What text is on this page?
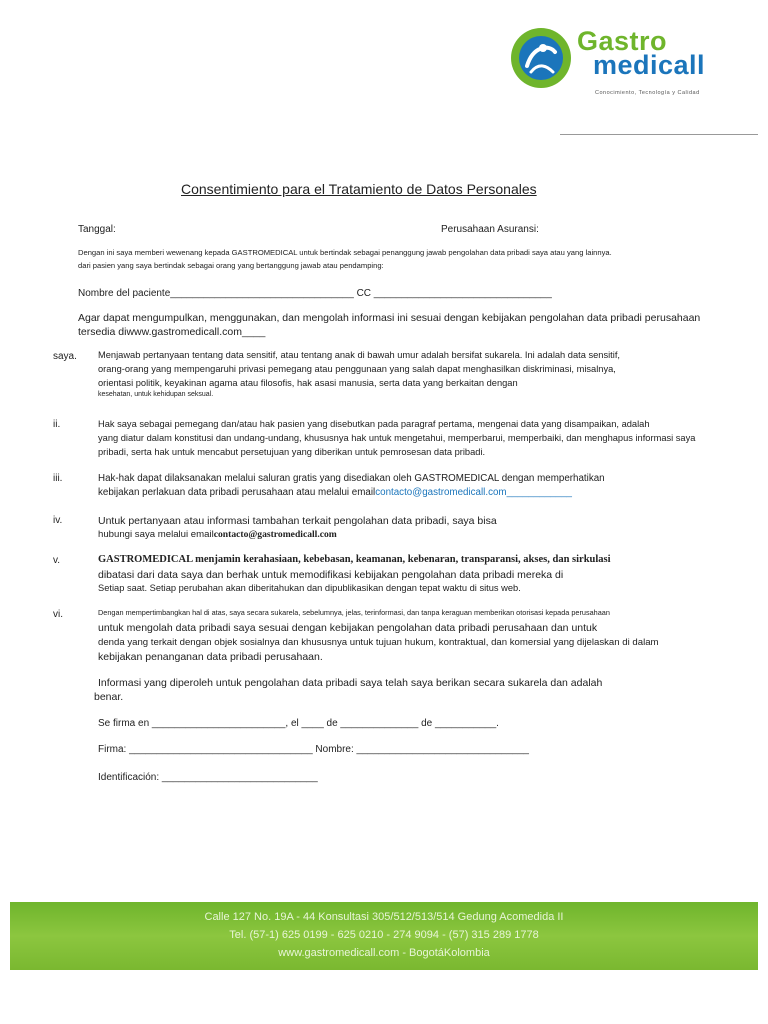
Gastro
medicall
Conocimiento, Tecnología y Calidad
Consentimiento para el Tratamiento de Datos Personales
Tanggal:	Perusahaan Asuransi:
Dengan ini saya memberi wewenang kepada GASTROMEDICAL untuk bertindak sebagai penanggung jawab pengolahan data pribadi saya atau yang lainnya.
dari pasien yang saya bertindak sebagai orang yang bertanggung jawab atau pendamping:
Nombre del paciente_________________________________ CC ________________________________
Agar dapat mengumpulkan, menggunakan, dan mengolah informasi ini sesuai dengan kebijakan pengolahan data pribadi perusahaan
tersedia diwww.gastromedicall.com____
saya. Menjawab pertanyaan tentang data sensitif, atau tentang anak di bawah umur adalah bersifat sukarela. Ini adalah data sensitif,
orang-orang yang mempengaruhi privasi pemegang atau penggunaan yang salah dapat menghasilkan diskriminasi, misalnya,
orientasi politik, keyakinan agama atau filosofis, hak asasi manusia, serta data yang berkaitan dengan
kesehatan, untuk kehidupan seksual.
ii.	Hak saya sebagai pemegang dan/atau hak pasien yang disebutkan pada paragraf pertama, mengenai data yang disampaikan, adalah
yang diatur dalam konstitusi dan undang-undang, khususnya hak untuk mengetahui, memperbarui, memperbaiki, dan menghapus informasi saya
pribadi, serta hak untuk mencabut persetujuan yang diberikan untuk pemrosesan data pribadi.
iii.	Hak-hak dapat dilaksanakan melalui saluran gratis yang disediakan oleh GASTROMEDICAL dengan memperhatikan
kebijakan perlakuan data pribadi perusahaan atau melalui emailcontacto@gastromedicall.com____________
iv.	Untuk pertanyaan atau informasi tambahan terkait pengolahan data pribadi, saya bisa
hubungi saya melalui emailcontacto@gastromedicall.com
v.	GASTROMEDICAL menjamin kerahasiaan, kebebasan, keamanan, kebenaran, transparansi, akses, dan sirkulasi
dibatasi dari data saya dan berhak untuk memodifikasi kebijakan pengolahan data pribadi mereka di
Setiap saat. Setiap perubahan akan diberitahukan dan dipublikasikan dengan tepat waktu di situs web.
vi.	Dengan mempertimbangkan hal di atas, saya secara sukarela, sebelumnya, jelas, terinformasi, dan tanpa keraguan memberikan otorisasi kepada perusahaan
untuk mengolah data pribadi saya sesuai dengan kebijakan pengolahan data pribadi perusahaan dan untuk
denda yang terkait dengan objek sosialnya dan khususnya untuk tujuan hukum, kontraktual, dan komersial yang dijelaskan di dalam
kebijakan penanganan data pribadi perusahaan.
Informasi yang diperoleh untuk pengolahan data pribadi saya telah saya berikan secara sukarela dan adalah
benar.
Se firma en ________________________, el ____ de ______________ de ___________.
Firma: _________________________________ Nombre: _______________________________
Identificación: ____________________________
Calle 127 No. 19A - 44 Konsultasi 305/512/513/514 Gedung Acomedida II
Tel. (57-1) 625 0199 - 625 0210 - 274 9094 - (57) 315 289 1778
www.gastromedicall.com - BogotáKolombia
